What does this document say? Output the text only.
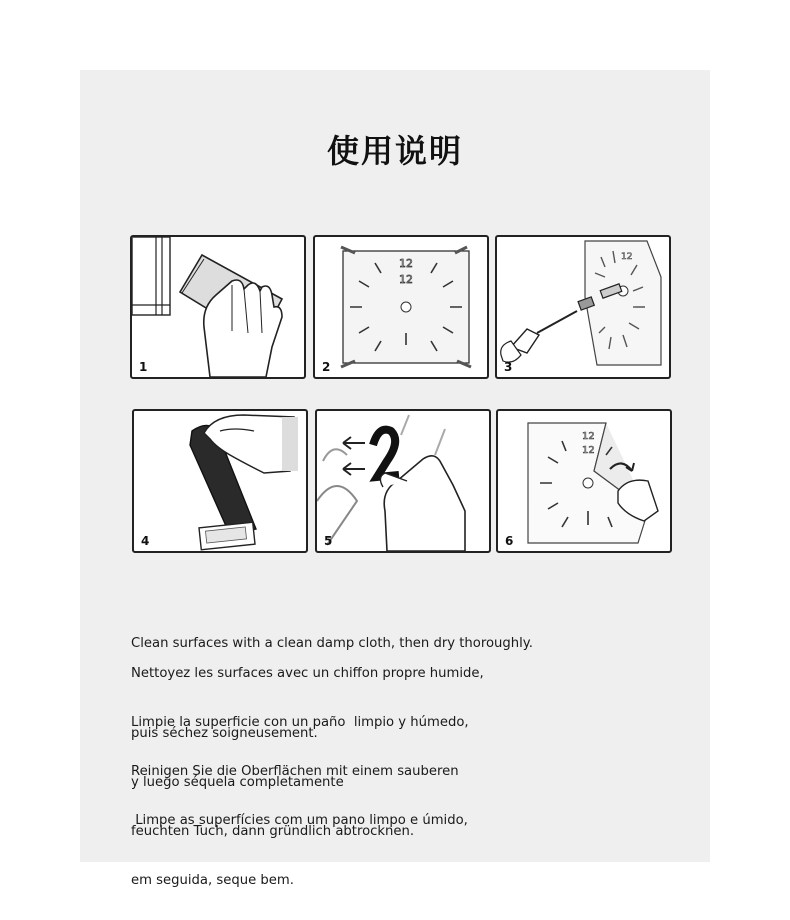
使用说明
1
12
12
2
12
3
4	5
12
12
6

Clean surfaces with a clean damp cloth, then dry thoroughly.

Nettoyez les surfaces avec un chiffon propre humide,

puis séchez soigneusement.

Limpie la superficie con un paño  limpio y húmedo,

y luego séquela completamente

Reinigen Sie die Oberflächen mit einem sauberen

feuchten Tuch, dann gründlich abtrocknen.

Limpe as superfícies com um pano limpo e úmido,

em seguida, seque bem.
